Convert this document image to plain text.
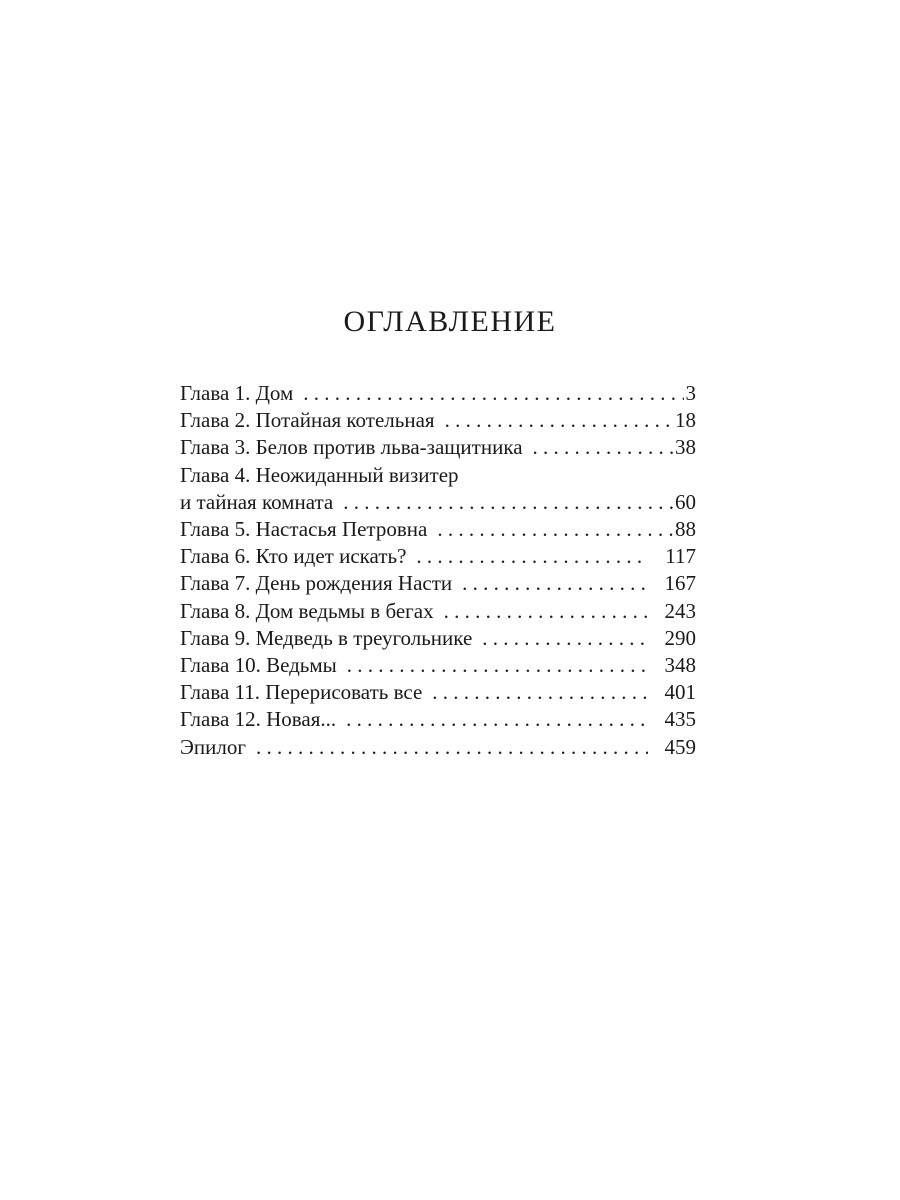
ОГЛАВЛЕНИЕ
Глава 1. Дом . . .	3
Глава 2. Потайная котельная . . .	18
Глава 3. Белов против льва-защитника . . .	38
Глава 4. Неожиданный визитер
и тайная комната . . .	60
Глава 5. Настасья Петровна . . .	88
Глава 6. Кто идет искать? . . .	117
Глава 7. День рождения Насти . . .	167
Глава 8. Дом ведьмы в бегах . . .	243
Глава 9. Медведь в треугольнике . . .	290
Глава 10. Ведьмы . . .	348
Глава 11. Перерисовать все . . .	401
Глава 12. Новая... . . .	435
Эпилог . . .	459
